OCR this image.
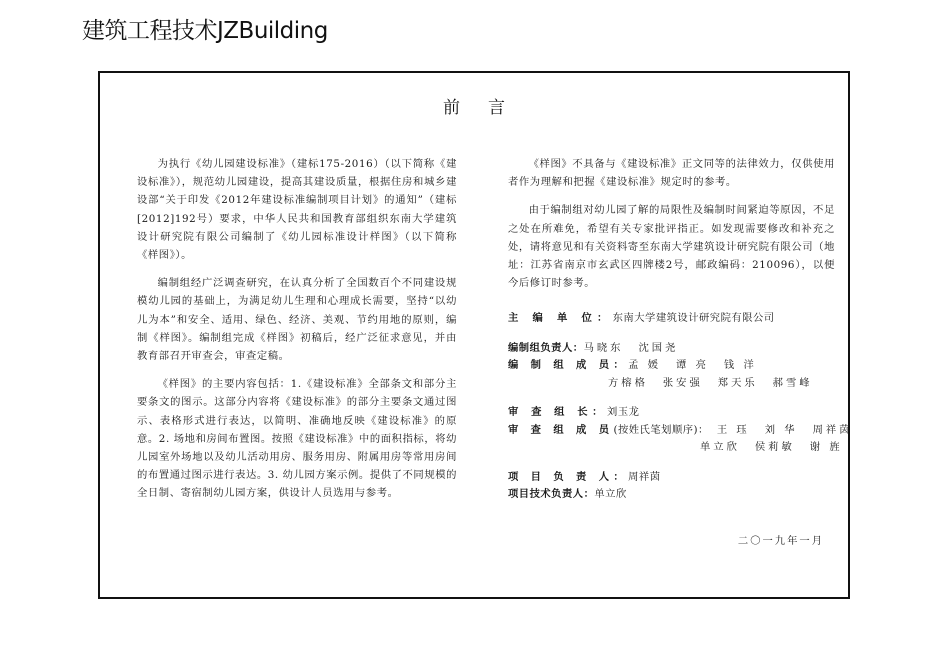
建筑工程技术JZBuilding
前言

为执行《幼儿园建设标准》（建标175-2016）（以下简称《建设标准》），规范幼儿园建设，提高其建设质量，根据住房和城乡建设部“关于印发《2012年建设标准编制项目计划》的通知”（建标[2012]192号）要求，中华人民共和国教育部组织东南大学建筑设计研究院有限公司编制了《幼儿园标准设计样图》（以下简称《样图》）。

编制组经广泛调查研究，在认真分析了全国数百个不同建设规模幼儿园的基础上，为满足幼儿生理和心理成长需要，坚持“以幼儿为本”和安全、适用、绿色、经济、美观、节约用地的原则，编制《样图》。编制组完成《样图》初稿后，经广泛征求意见，并由教育部召开审查会，审查定稿。

《样图》的主要内容包括：1.《建设标准》全部条文和部分主要条文的图示。这部分内容将《建设标准》的部分主要条文通过图示、表格形式进行表达，以简明、准确地反映《建设标准》的原意。2. 场地和房间布置图。按照《建设标准》中的面积指标，将幼儿园室外场地以及幼儿活动用房、服务用房、附属用房等常用房间的布置通过图示进行表达。3. 幼儿园方案示例。提供了不同规模的全日制、寄宿制幼儿园方案，供设计人员选用与参考。

《样图》不具备与《建设标准》正文同等的法律效力，仅供使用者作为理解和把握《建设标准》规定时的参考。

由于编制组对幼儿园了解的局限性及编制时间紧迫等原因，不足之处在所难免，希望有关专家批评指正。如发现需要修改和补充之处，请将意见和有关资料寄至东南大学建筑设计研究院有限公司（地址：江苏省南京市玄武区四牌楼2号，邮政编码：210096），以便今后修订时参考。

主 编 单 位： 东南大学建筑设计研究院有限公司
编制组负责人： 马晓东 沈国尧
编 制 组 成 员： 孟 媛 谭 亮 钱 洋
方榕格 张安强 郑天乐 郝雪峰
审 查 组 长： 刘玉龙
审 查 组 成 员 (按姓氏笔划顺序)： 王 珏 刘 华 周祥茵
单立欣 侯莉敏 谢 旌
项 目 负 责 人： 周祥茵
项目技术负责人： 单立欣
二〇一九年一月
